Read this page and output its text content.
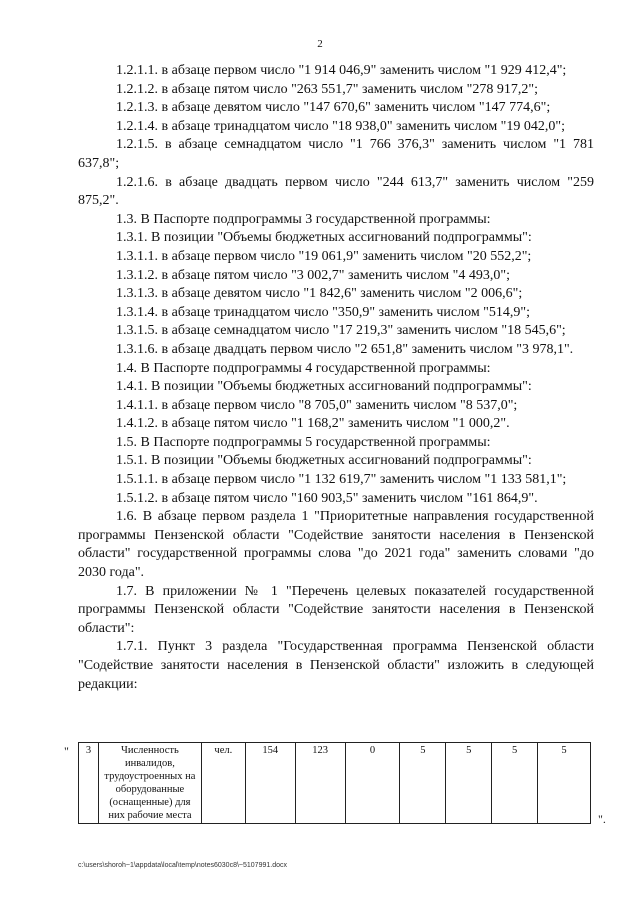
2

1.2.1.1. в абзаце первом число "1 914 046,9" заменить числом "1 929 412,4";

1.2.1.2. в абзаце пятом число "263 551,7" заменить числом "278 917,2";

1.2.1.3. в абзаце девятом число "147 670,6" заменить числом "147 774,6";

1.2.1.4. в абзаце тринадцатом число "18 938,0" заменить числом "19 042,0";

1.2.1.5. в абзаце семнадцатом число "1 766 376,3" заменить числом "1 781 637,8";

1.2.1.6. в абзаце двадцать первом число "244 613,7" заменить числом "259 875,2".

1.3. В Паспорте подпрограммы 3 государственной программы:

1.3.1. В позиции "Объемы бюджетных ассигнований подпрограммы":

1.3.1.1. в абзаце первом число "19 061,9" заменить числом "20 552,2";

1.3.1.2. в абзаце пятом число "3 002,7" заменить числом "4 493,0";

1.3.1.3. в абзаце девятом число "1 842,6" заменить числом "2 006,6";

1.3.1.4. в абзаце тринадцатом число "350,9" заменить числом "514,9";

1.3.1.5. в абзаце семнадцатом число "17 219,3" заменить числом "18 545,6";

1.3.1.6. в абзаце двадцать первом число "2 651,8" заменить числом "3 978,1".

1.4. В Паспорте подпрограммы 4 государственной программы:

1.4.1. В позиции "Объемы бюджетных ассигнований подпрограммы":

1.4.1.1. в абзаце первом число "8 705,0" заменить числом "8 537,0";

1.4.1.2. в абзаце пятом число "1 168,2" заменить числом "1 000,2".

1.5. В Паспорте подпрограммы 5 государственной программы:

1.5.1. В позиции "Объемы бюджетных ассигнований подпрограммы":

1.5.1.1. в абзаце первом число "1 132 619,7" заменить числом "1 133 581,1";

1.5.1.2. в абзаце пятом число "160 903,5" заменить числом "161 864,9".

1.6. В абзаце первом раздела 1 "Приоритетные направления государственной программы Пензенской области "Содействие занятости населения в Пензенской области" государственной программы слова "до 2021 года" заменить словами "до 2030 года".

1.7. В приложении № 1 "Перечень целевых показателей государственной программы Пензенской области "Содействие занятости населения в Пензенской области":

1.7.1. Пункт 3 раздела "Государственная программа Пензенской области "Содействие занятости населения в Пензенской области" изложить в следующей редакции:

" 3	Численность инвалидов, трудоустроенных на оборудованные (оснащенные) для них рабочие места	чел.	154	123	0	5	5	5	5
".
c:\users\shoroh~1\appdata\local\temp\notes6030c8\~5107991.docx
